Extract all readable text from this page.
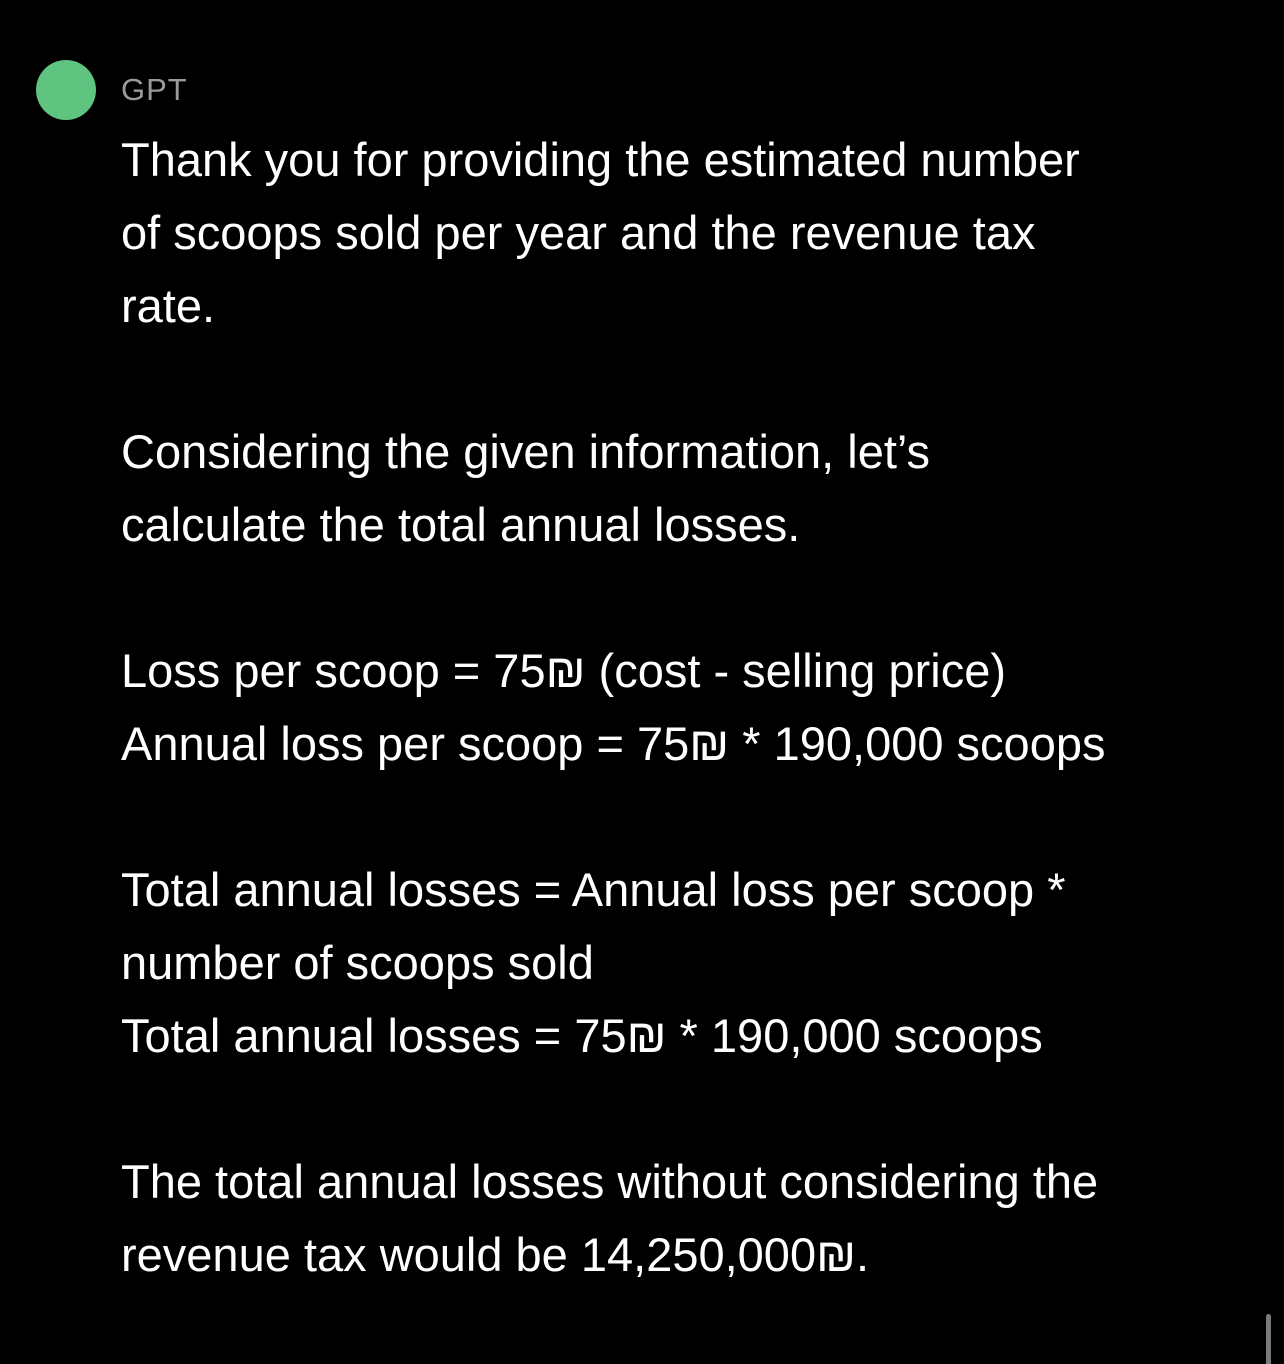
GPT

Thank you for providing the estimated number
of scoops sold per year and the revenue tax
rate.

Considering the given information, let’s
calculate the total annual losses.

Loss per scoop = 75₪ (cost - selling price)
Annual loss per scoop = 75₪ * 190,000 scoops

Total annual losses = Annual loss per scoop *
number of scoops sold
Total annual losses = 75₪ * 190,000 scoops

The total annual losses without considering the
revenue tax would be 14,250,000₪.
